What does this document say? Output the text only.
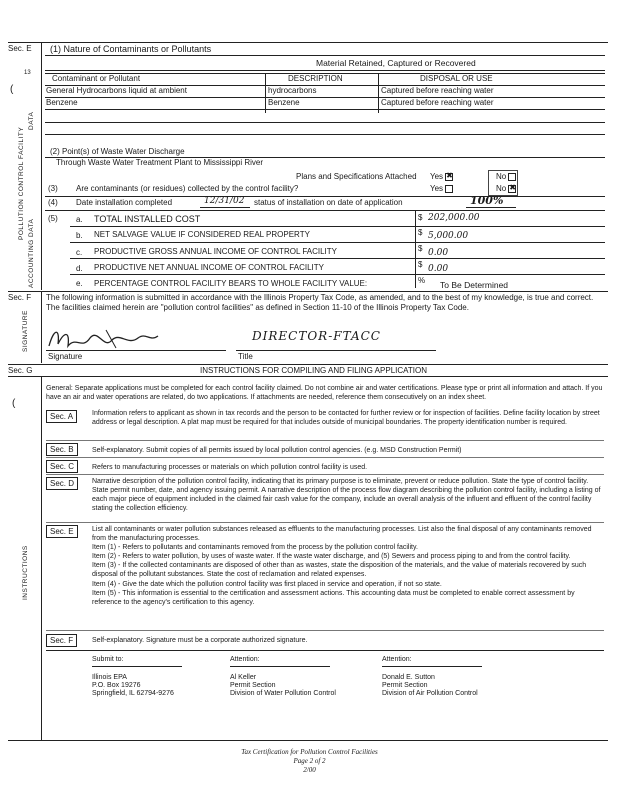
Sec. E (1) Nature of Contaminants or Pollutants
13
POLLUTION CONTROL FACILITY
ACCOUNTING DATA
DATA
(
Material Retained, Captured or Recovered
Contaminant or Pollutant	DESCRIPTION	DISPOSAL OR USE
General Hydrocarbons liquid at ambient	hydrocarbons	Captured before reaching water
Benzene	Benzene	Captured before reaching water
(2) Point(s) of Waste Water Discharge
Through Waste Water Treatment Plant to Mississippi River
Plans and Specifications Attached Yes✖	No
(3) Are contaminants (or residues) collected by the control facility?	Yes	No✖
(4) Date installation completed	12/31/02 status of installation on date of application	100%
(5) a. TOTAL INSTALLED COST	$ 202,000.00
b. NET SALVAGE VALUE IF CONSIDERED REAL PROPERTY	$ 5,000.00
c. PRODUCTIVE GROSS ANNUAL INCOME OF CONTROL FACILITY	$ 0.00
d. PRODUCTIVE NET ANNUAL INCOME OF CONTROL FACILITY	$ 0.00
e. PERCENTAGE CONTROL FACILITY BEARS TO WHOLE FACILITY VALUE:	% To Be Determined
Sec. F
SIGNATURE
The following information is submitted in accordance with the Illinois Property Tax Code, as amended, and to the best of my knowledge, is true and correct. The facilities claimed herein are "pollution control facilities" as defined in Section 11-10 of the Illinois Property Tax Code.
DIRECTOR-FTACC
Signature	Title
Sec. G	INSTRUCTIONS FOR COMPILING AND FILING APPLICATION
INSTRUCTIONS
(
General: Separate applications must be completed for each control facility claimed. Do not combine air and water certifications. Please type or print all information and attach. If you have an air and water operations are related, do two applications. If attachments are needed, reference them consecutively on an index sheet.
Sec. A	Information refers to applicant as shown in tax records and the person to be contacted for further review or for inspection of facilities. Define facility location by street address or legal description. A plat map must be required for that includes outside of municipal boundaries. The property identification number is required.
Sec. B	Self-explanatory. Submit copies of all permits issued by local pollution control agencies. (e.g. MSD Construction Permit)
Sec. C	Refers to manufacturing processes or materials on which pollution control facility is used.
Sec. D	Narrative description of the pollution control facility, indicating that its primary purpose is to eliminate, prevent or reduce pollution. State the type of control facility. State permit number, date, and agency issuing permit. A narrative description of the process flow diagram describing the pollution control facility, including a listing of each major piece of equipment included in the claimed fair cash value for the company, include an overall analysis of the influent and effluent of the control facility stating the collection efficiency.
Sec. E	List all contaminants or water pollution substances released as effluents to the manufacturing processes. List also the final disposal of any contaminants removed from the manufacturing processes.
Item (1) - Refers to pollutants and contaminants removed from the process by the pollution control facility.
Item (2) - Refers to water pollution, by uses of waste water. If the waste water discharge, and (5) Sewers and process piping to and from the control facility.
Item (3) - If the collected contaminants are disposed of other than as wastes, state the disposition of the materials, and the value of materials recovered by such disposal of the pollutant substances. State the cost of reclamation and related expenses.
Item (4) - Give the date which the pollution control facility was first placed in service and operation, if not so state.
Item (5) - This information is essential to the certification and assessment actions. This accounting data must be completed to enable correct assessment by reference to the agency's certification to this agency.
Sec. F	Self-explanatory. Signature must be a corporate authorized signature.
Submit to:	Attention:	Attention:
Illinois EPA
P.O. Box 19276
Springfield, IL 62794-9276
Al Keller
Permit Section
Division of Water Pollution Control
Donald E. Sutton
Permit Section
Division of Air Pollution Control
Tax Certification for Pollution Control Facilities
Page 2 of 2
2/00
